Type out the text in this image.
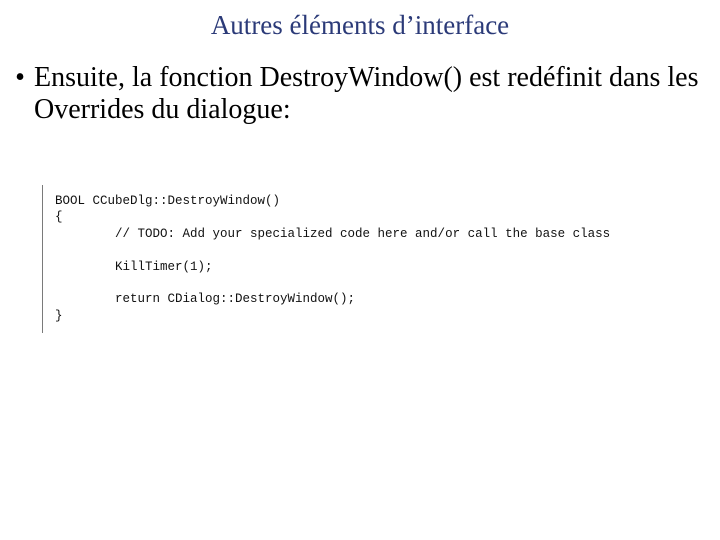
Autres éléments d’interface
• Ensuite, la fonction DestroyWindow() est redéfinit dans les Overrides du dialogue:
BOOL CCubeDlg::DestroyWindow()
{
// TODO: Add your specialized code here and/or call the base class
KillTimer(1);
return CDialog::DestroyWindow();
}
